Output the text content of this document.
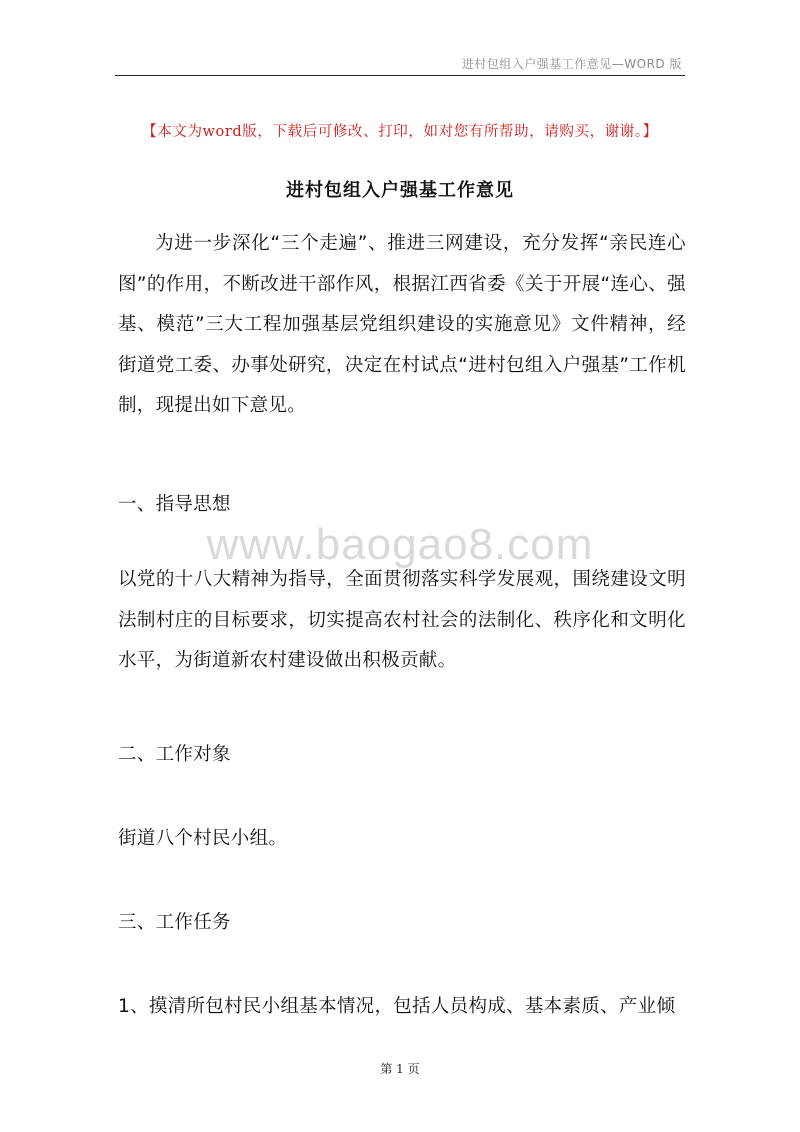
进村包组入户强基工作意见—WORD 版
【本文为word版，下载后可修改、打印，如对您有所帮助，请购买，谢谢。】
进村包组入户强基工作意见
为进一步深化“三个走遍”、推进三网建设，充分发挥“亲民连心图”的作用，不断改进干部作风，根据江西省委《关于开展“连心、强基、模范”三大工程加强基层党组织建设的实施意见》文件精神，经街道党工委、办事处研究，决定在村试点“进村包组入户强基”工作机制，现提出如下意见。
一、指导思想
www.baogao8.com
以党的十八大精神为指导，全面贯彻落实科学发展观，围绕建设文明法制村庄的目标要求，切实提高农村社会的法制化、秩序化和文明化水平，为街道新农村建设做出积极贡献。
二、工作对象
街道八个村民小组。
三、工作任务
1、摸清所包村民小组基本情况，包括人员构成、基本素质、产业倾
第 1 页
